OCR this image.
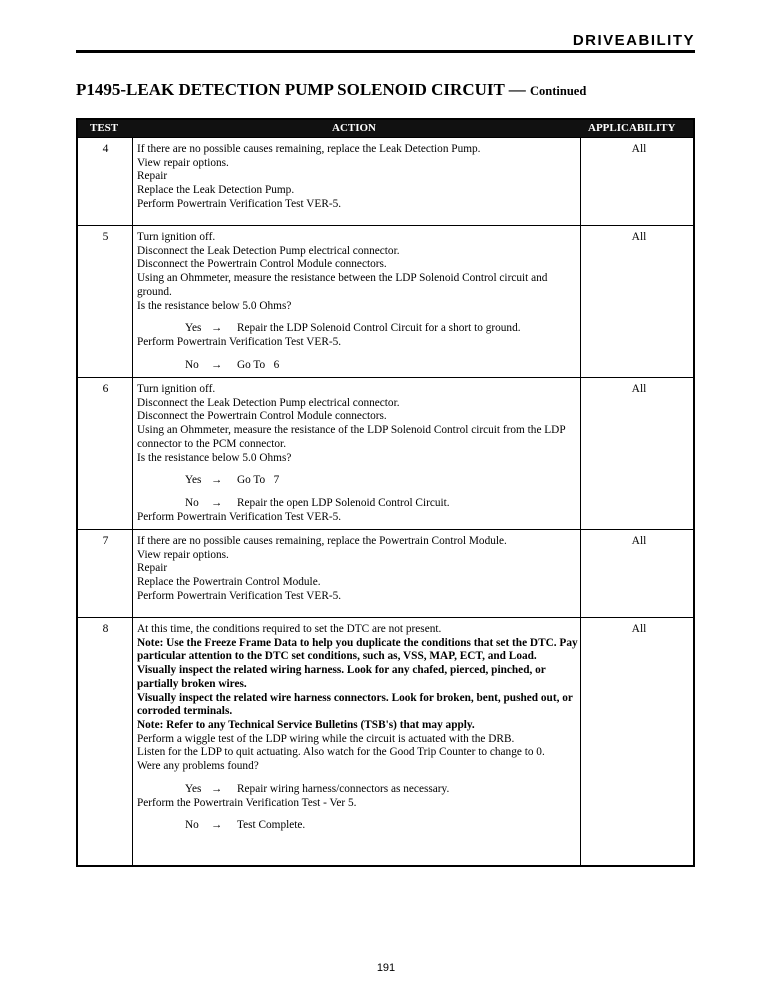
DRIVEABILITY
P1495-LEAK DETECTION PUMP SOLENOID CIRCUIT — Continued
TEST	ACTION	APPLICABILITY
4	If there are no possible causes remaining, replace the Leak Detection Pump.

View repair options.

Repair

Replace the Leak Detection Pump.

Perform Powertrain Verification Test VER-5.

All
5	Turn ignition off.

Disconnect the Leak Detection Pump electrical connector.

Disconnect the Powertrain Control Module connectors.

Using an Ohmmeter, measure the resistance between the LDP Solenoid Control circuit and ground.

Is the resistance below 5.0 Ohms?

Yes → Repair the LDP Solenoid Control Circuit for a short to ground.

Perform Powertrain Verification Test VER-5.

No → Go To   6
All
6	Turn ignition off.

Disconnect the Leak Detection Pump electrical connector.

Disconnect the Powertrain Control Module connectors.

Using an Ohmmeter, measure the resistance of the LDP Solenoid Control circuit from the LDP connector to the PCM connector.

Is the resistance below 5.0 Ohms?

Yes → Go To   7
No → Repair the open LDP Solenoid Control Circuit.

Perform Powertrain Verification Test VER-5.

All
7	If there are no possible causes remaining, replace the Powertrain Control Module.

View repair options.

Repair

Replace the Powertrain Control Module.

Perform Powertrain Verification Test VER-5.

All
8	At this time, the conditions required to set the DTC are not present.

Note: Use the Freeze Frame Data to help you duplicate the conditions that set the DTC. Pay particular attention to the DTC set conditions, such as, VSS, MAP, ECT, and Load.

Visually inspect the related wiring harness. Look for any chafed, pierced, pinched, or partially broken wires.

Visually inspect the related wire harness connectors. Look for broken, bent, pushed out, or corroded terminals.

Note: Refer to any Technical Service Bulletins (TSB's) that may apply.

Perform a wiggle test of the LDP wiring while the circuit is actuated with the DRB.

Listen for the LDP to quit actuating. Also watch for the Good Trip Counter to change to 0.

Were any problems found?

Yes → Repair wiring harness/connectors as necessary.

Perform the Powertrain Verification Test - Ver 5.

No → Test Complete.
All
191
